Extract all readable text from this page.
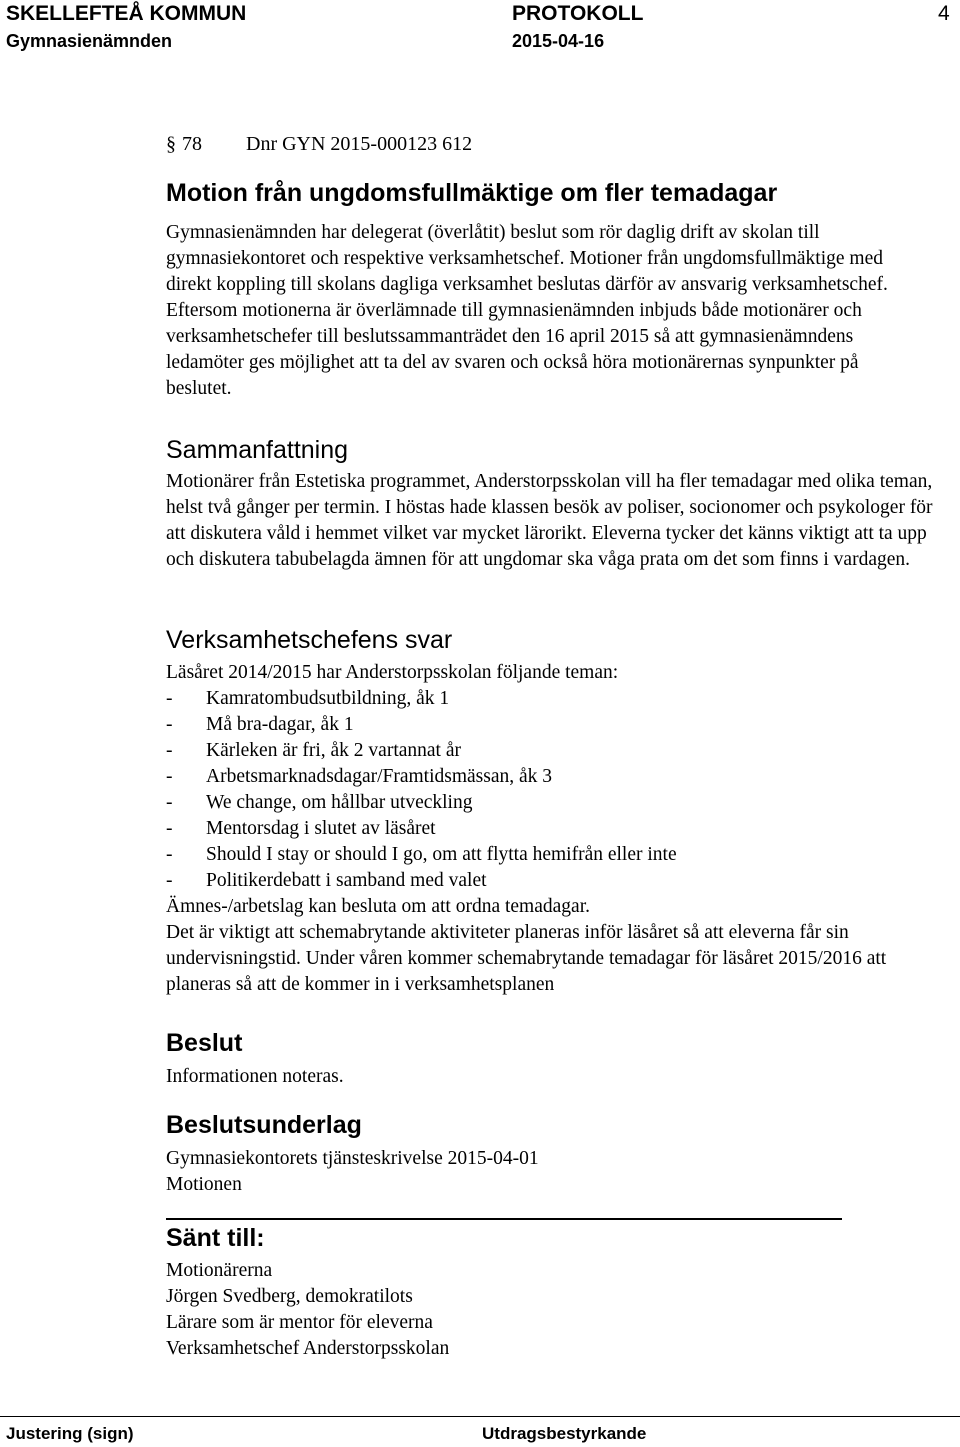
SKELLEFTEÅ KOMMUN	PROTOKOLL	4
Gymnasienämnden	2015-04-16
§ 78 Dnr GYN 2015-000123 612
Motion från ungdomsfullmäktige om fler temadagar

Gymnasienämnden har delegerat (överlåtit) beslut som rör daglig drift av skolan till gymnasiekontoret och respektive verksamhetschef. Motioner från ungdomsfullmäktige med direkt koppling till skolans dagliga verksamhet beslutas därför av ansvarig verksamhetschef. Eftersom motionerna är överlämnade till gymnasienämnden inbjuds både motionärer och verksamhetschefer till beslutssammanträdet den 16 april 2015 så att gymnasienämndens ledamöter ges möjlighet att ta del av svaren och också höra motionärernas synpunkter på beslutet.

Sammanfattning

Motionärer från Estetiska programmet, Anderstorpsskolan vill ha fler temadagar med olika teman, helst två gånger per termin. I höstas hade klassen besök av poliser, socionomer och psykologer för att diskutera våld i hemmet vilket var mycket lärorikt. Eleverna tycker det känns viktigt att ta upp och diskutera tabubelagda ämnen för att ungdomar ska våga prata om det som finns i vardagen.

Verksamhetschefens svar
Läsåret 2014/2015 har Anderstorpsskolan följande teman:
-	Kamratombudsutbildning, åk 1
-	Må bra-dagar, åk 1
-	Kärleken är fri, åk 2 vartannat år
-	Arbetsmarknadsdagar/Framtidsmässan, åk 3
-	We change, om hållbar utveckling
-	Mentorsdag i slutet av läsåret
-	Should I stay or should I go, om att flytta hemifrån eller inte
-	Politikerdebatt i samband med valet
Ämnes-/arbetslag kan besluta om att ordna temadagar.

Det är viktigt att schemabrytande aktiviteter planeras inför läsåret så att eleverna får sin undervisningstid. Under våren kommer schemabrytande temadagar för läsåret 2015/2016 att planeras så att de kommer in i verksamhetsplanen

Beslut
Informationen noteras.
Beslutsunderlag
Gymnasiekontorets tjänsteskrivelse 2015-04-01
Motionen
Sänt till:
Motionärerna
Jörgen Svedberg, demokratilots
Lärare som är mentor för eleverna
Verksamhetschef Anderstorpsskolan
Justering (sign)	Utdragsbestyrkande
